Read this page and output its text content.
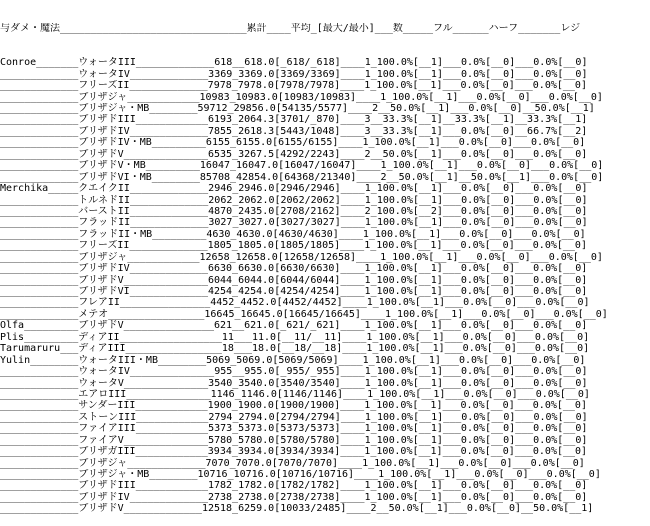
与ダメ・魔法_______________________________累計____平均_[最大/最小]___数_____フル______ハーフ_______レジ

Conroe_______ウォータIII_____________618__618.0[_618/_618]____1_100.0%[__1]___0.0%[__0]___0.0%[__0]
_____________ウォータIV_____________3369_3369.0[3369/3369]____1_100.0%[__1]___0.0%[__0]___0.0%[__0]
_____________フリーズII_____________7978_7978.0[7978/7978]____1_100.0%[__1]___0.0%[__0]___0.0%[__0]
_____________ブリザジャ____________10983_10983.0[10983/10983]____1_100.0%[__1]___0.0%[__0]___0.0%[__0]
_____________ブリザジャ・MB________59712_29856.0[54135/5577]____2__50.0%[__1]___0.0%[__0]__50.0%[__1]
_____________ブリザドIII____________6193_2064.3[3701/_870]____3__33.3%[__1]__33.3%[__1]__33.3%[__1]
_____________ブリザドIV_____________7855_2618.3[5443/1048]____3__33.3%[__1]___0.0%[__0]__66.7%[__2]
_____________ブリザドIV・MB_________6155_6155.0[6155/6155]____1_100.0%[__1]___0.0%[__0]___0.0%[__0]
_____________ブリザドV______________6535_3267.5[4292/2243]____2__50.0%[__1]___0.0%[__0]___0.0%[__0]
_____________ブリザドV・MB_________16047_16047.0[16047/16047]____1_100.0%[__1]___0.0%[__0]___0.0%[__0]
_____________ブリザドVI・MB________85708_42854.0[64368/21340]____2__50.0%[__1]__50.0%[__1]___0.0%[__0]
Merchika_____クエイクII_____________2946_2946.0[2946/2946]____1_100.0%[__1]___0.0%[__0]___0.0%[__0]
_____________トルネドII_____________2062_2062.0[2062/2062]____1_100.0%[__1]___0.0%[__0]___0.0%[__0]
_____________バーストII_____________4870_2435.0[2708/2162]____2_100.0%[__2]___0.0%[__0]___0.0%[__0]
_____________フラッドII_____________3027_3027.0[3027/3027]____1_100.0%[__1]___0.0%[__0]___0.0%[__0]
_____________フラッドII・MB_________4630_4630.0[4630/4630]____1_100.0%[__1]___0.0%[__0]___0.0%[__0]
_____________フリーズII_____________1805_1805.0[1805/1805]____1_100.0%[__1]___0.0%[__0]___0.0%[__0]
_____________ブリザジャ____________12658_12658.0[12658/12658]____1_100.0%[__1]___0.0%[__0]___0.0%[__0]
_____________ブリザドIV_____________6630_6630.0[6630/6630]____1_100.0%[__1]___0.0%[__0]___0.0%[__0]
_____________ブリザドV______________6044_6044.0[6044/6044]____1_100.0%[__1]___0.0%[__0]___0.0%[__0]
_____________ブリザドVI_____________4254_4254.0[4254/4254]____1_100.0%[__1]___0.0%[__0]___0.0%[__0]
_____________フレアII_______________4452_4452.0[4452/4452]____1_100.0%[__1]___0.0%[__0]___0.0%[__0]
_____________メテオ________________16645_16645.0[16645/16645]____1_100.0%[__1]___0.0%[__0]___0.0%[__0]
Olfa_________ブリザドV_______________621__621.0[_621/_621]____1_100.0%[__1]___0.0%[__0]___0.0%[__0]
Plis_________ディアII_________________11___11.0[__11/__11]____1_100.0%[__1]___0.0%[__0]___0.0%[__0]
Tarumaruru___ディアIII________________18___18.0[__18/__18]____1_100.0%[__1]___0.0%[__0]___0.0%[__0]
Yulin________ウォータIII・MB________5069_5069.0[5069/5069]____1_100.0%[__1]___0.0%[__0]___0.0%[__0]
_____________ウォータIV______________955__955.0[_955/_955]____1_100.0%[__1]___0.0%[__0]___0.0%[__0]
_____________ウォータV______________3540_3540.0[3540/3540]____1_100.0%[__1]___0.0%[__0]___0.0%[__0]
_____________エアロIII______________1146_1146.0[1146/1146]____1_100.0%[__1]___0.0%[__0]___0.0%[__0]
_____________サンダーIII____________1900_1900.0[1900/1900]____1_100.0%[__1]___0.0%[__0]___0.0%[__0]
_____________ストーンIII____________2794_2794.0[2794/2794]____1_100.0%[__1]___0.0%[__0]___0.0%[__0]
_____________ファイアIII____________5373_5373.0[5373/5373]____1_100.0%[__1]___0.0%[__0]___0.0%[__0]
_____________ファイアV______________5780_5780.0[5780/5780]____1_100.0%[__1]___0.0%[__0]___0.0%[__0]
_____________ブリザガIII____________3934_3934.0[3934/3934]____1_100.0%[__1]___0.0%[__0]___0.0%[__0]
_____________ブリザジャ_____________7070_7070.0[7070/7070]____1_100.0%[__1]___0.0%[__0]___0.0%[__0]
_____________ブリザジャ・MB________10716_10716.0[10716/10716]____1_100.0%[__1]___0.0%[__0]___0.0%[__0]
_____________ブリザドIII____________1782_1782.0[1782/1782]____1_100.0%[__1]___0.0%[__0]___0.0%[__0]
_____________ブリザドIV_____________2738_2738.0[2738/2738]____1_100.0%[__1]___0.0%[__0]___0.0%[__0]
_____________ブリザドV_____________12518_6259.0[10033/2485]____2__50.0%[__1]___0.0%[__0]__50.0%[__1]
